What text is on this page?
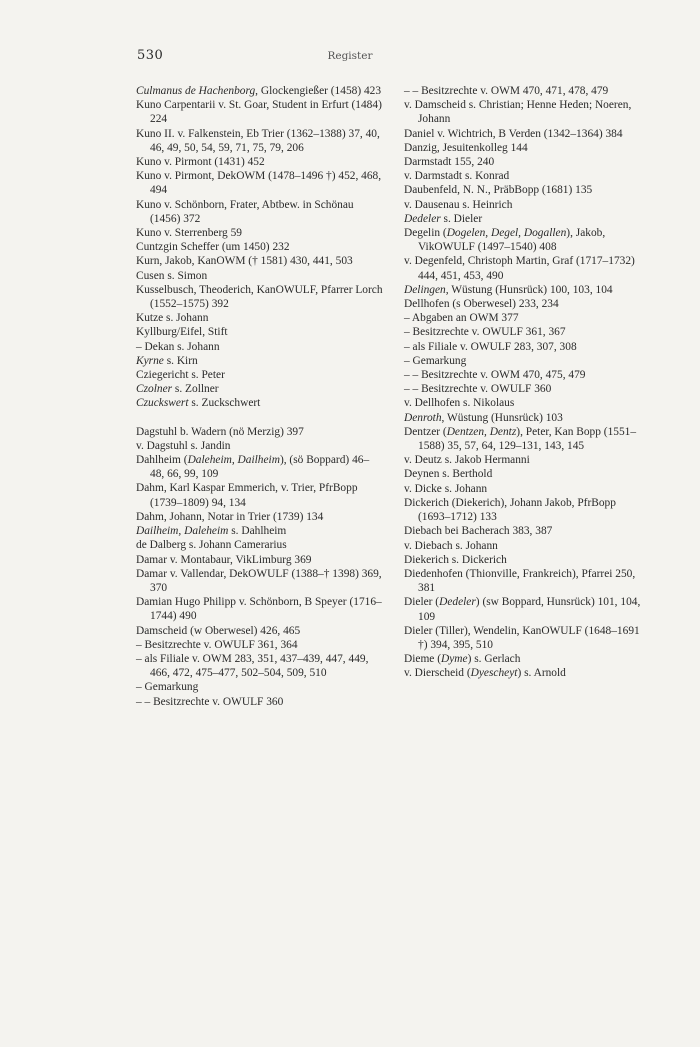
530	Register

Culmanus de Hachenborg, Glockengießer (1458) 423

Kuno Carpentarii v. St. Goar, Student in Erfurt (1484) 224

Kuno II. v. Falkenstein, Eb Trier (1362–1388) 37, 40, 46, 49, 50, 54, 59, 71, 75, 79, 206

Kuno v. Pirmont (1431) 452

Kuno v. Pirmont, DekOWM (1478–1496 †) 452, 468, 494

Kuno v. Schönborn, Frater, Abtbew. in Schönau (1456) 372

Kuno v. Sterrenberg 59

Cuntzgin Scheffer (um 1450) 232

Kurn, Jakob, KanOWM († 1581) 430, 441, 503

Cusen s. Simon

Kusselbusch, Theoderich, KanOWULF, Pfarrer Lorch (1552–1575) 392

Kutze s. Johann

Kyllburg/Eifel, Stift

– Dekan s. Johann

Kyrne s. Kirn

Cziegericht s. Peter

Czolner s. Zollner

Czuckswert s. Zuckschwert

Dagstuhl b. Wadern (nö Merzig) 397

v. Dagstuhl s. Jandin

Dahlheim (Daleheim, Dailheim), (sö Boppard) 46–48, 66, 99, 109

Dahm, Karl Kaspar Emmerich, v. Trier, PfrBopp (1739–1809) 94, 134

Dahm, Johann, Notar in Trier (1739) 134

Dailheim, Daleheim s. Dahlheim

de Dalberg s. Johann Camerarius

Damar v. Montabaur, VikLimburg 369

Damar v. Vallendar, DekOWULF (1388–† 1398) 369, 370

Damian Hugo Philipp v. Schönborn, B Speyer (1716–1744) 490

Damscheid (w Oberwesel) 426, 465

– Besitzrechte v. OWULF 361, 364

– als Filiale v. OWM 283, 351, 437–439, 447, 449, 466, 472, 475–477, 502–504, 509, 510

– Gemarkung

– – Besitzrechte v. OWULF 360

– – Besitzrechte v. OWM 470, 471, 478, 479

v. Damscheid s. Christian; Henne Heden; Noeren, Johann

Daniel v. Wichtrich, B Verden (1342–1364) 384

Danzig, Jesuitenkolleg 144

Darmstadt 155, 240

v. Darmstadt s. Konrad

Daubenfeld, N. N., PräbBopp (1681) 135

v. Dausenau s. Heinrich

Dedeler s. Dieler

Degelin (Dogelen, Degel, Dogallen), Jakob, VikOWULF (1497–1540) 408

v. Degenfeld, Christoph Martin, Graf (1717–1732) 444, 451, 453, 490

Delingen, Wüstung (Hunsrück) 100, 103, 104

Dellhofen (s Oberwesel) 233, 234

– Abgaben an OWM 377

– Besitzrechte v. OWULF 361, 367

– als Filiale v. OWULF 283, 307, 308

– Gemarkung

– – Besitzrechte v. OWM 470, 475, 479

– – Besitzrechte v. OWULF 360

v. Dellhofen s. Nikolaus

Denroth, Wüstung (Hunsrück) 103

Dentzer (Dentzen, Dentz), Peter, Kan Bopp (1551–1588) 35, 57, 64, 129–131, 143, 145

v. Deutz s. Jakob Hermanni

Deynen s. Berthold

v. Dicke s. Johann

Dickerich (Diekerich), Johann Jakob, PfrBopp (1693–1712) 133

Diebach bei Bacherach 383, 387

v. Diebach s. Johann

Diekerich s. Dickerich

Diedenhofen (Thionville, Frankreich), Pfarrei 250, 381

Dieler (Dedeler) (sw Boppard, Hunsrück) 101, 104, 109

Dieler (Tiller), Wendelin, KanOWULF (1648–1691 †) 394, 395, 510

Dieme (Dyme) s. Gerlach

v. Dierscheid (Dyescheyt) s. Arnold
